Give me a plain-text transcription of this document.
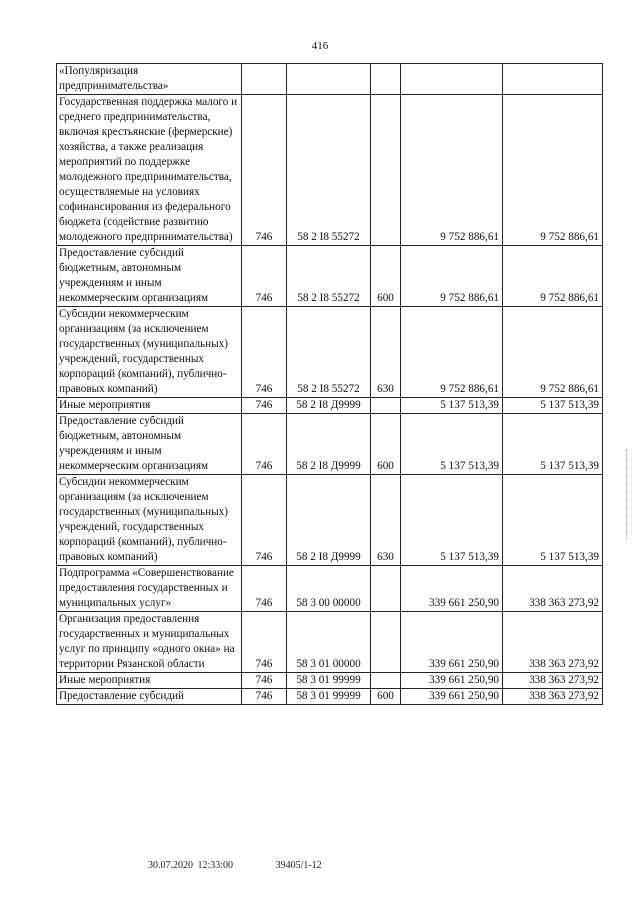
416
«Популяризация предпринимательства»					
Государственная поддержка малого и среднего предпринимательства, включая крестьянские (фермерские) хозяйства, а также реализация мероприятий по поддержке молодежного предпринимательства, осуществляемые на условиях софинансирования из федерального бюджета (содействие развитию молодежного предпринимательства)	746	58 2 I8 55272		9 752 886,61	9 752 886,61
Предоставление субсидий бюджетным, автономным учреждениям и иным некоммерческим организациям	746	58 2 I8 55272	600	9 752 886,61	9 752 886,61
Субсидии некоммерческим организациям (за исключением государственных (муниципальных) учреждений, государственных корпораций (компаний), публично-правовых компаний)	746	58 2 I8 55272	630	9 752 886,61	9 752 886,61
Иные мероприятия	746	58 2 I8 Д9999		5 137 513,39	5 137 513,39
Предоставление субсидий бюджетным, автономным учреждениям и иным некоммерческим организациям	746	58 2 I8 Д9999	600	5 137 513,39	5 137 513,39
Субсидии некоммерческим организациям (за исключением государственных (муниципальных) учреждений, государственных корпораций (компаний), публично-правовых компаний)	746	58 2 I8 Д9999	630	5 137 513,39	5 137 513,39
Подпрограмма «Совершенствование предоставления государственных и муниципальных услуг»	746	58 3 00 00000		339 661 250,90	338 363 273,92
Организация предоставления государственных и муниципальных услуг по принципу «одного окна» на территории Рязанской области	746	58 3 01 00000		339 661 250,90	338 363 273,92
Иные мероприятия	746	58 3 01 99999		339 661 250,90	338 363 273,92
Предоставление субсидий	746	58 3 01 99999	600	339 661 250,90	338 363 273,92
30.07.2020 12:33:00	39405/1-12
